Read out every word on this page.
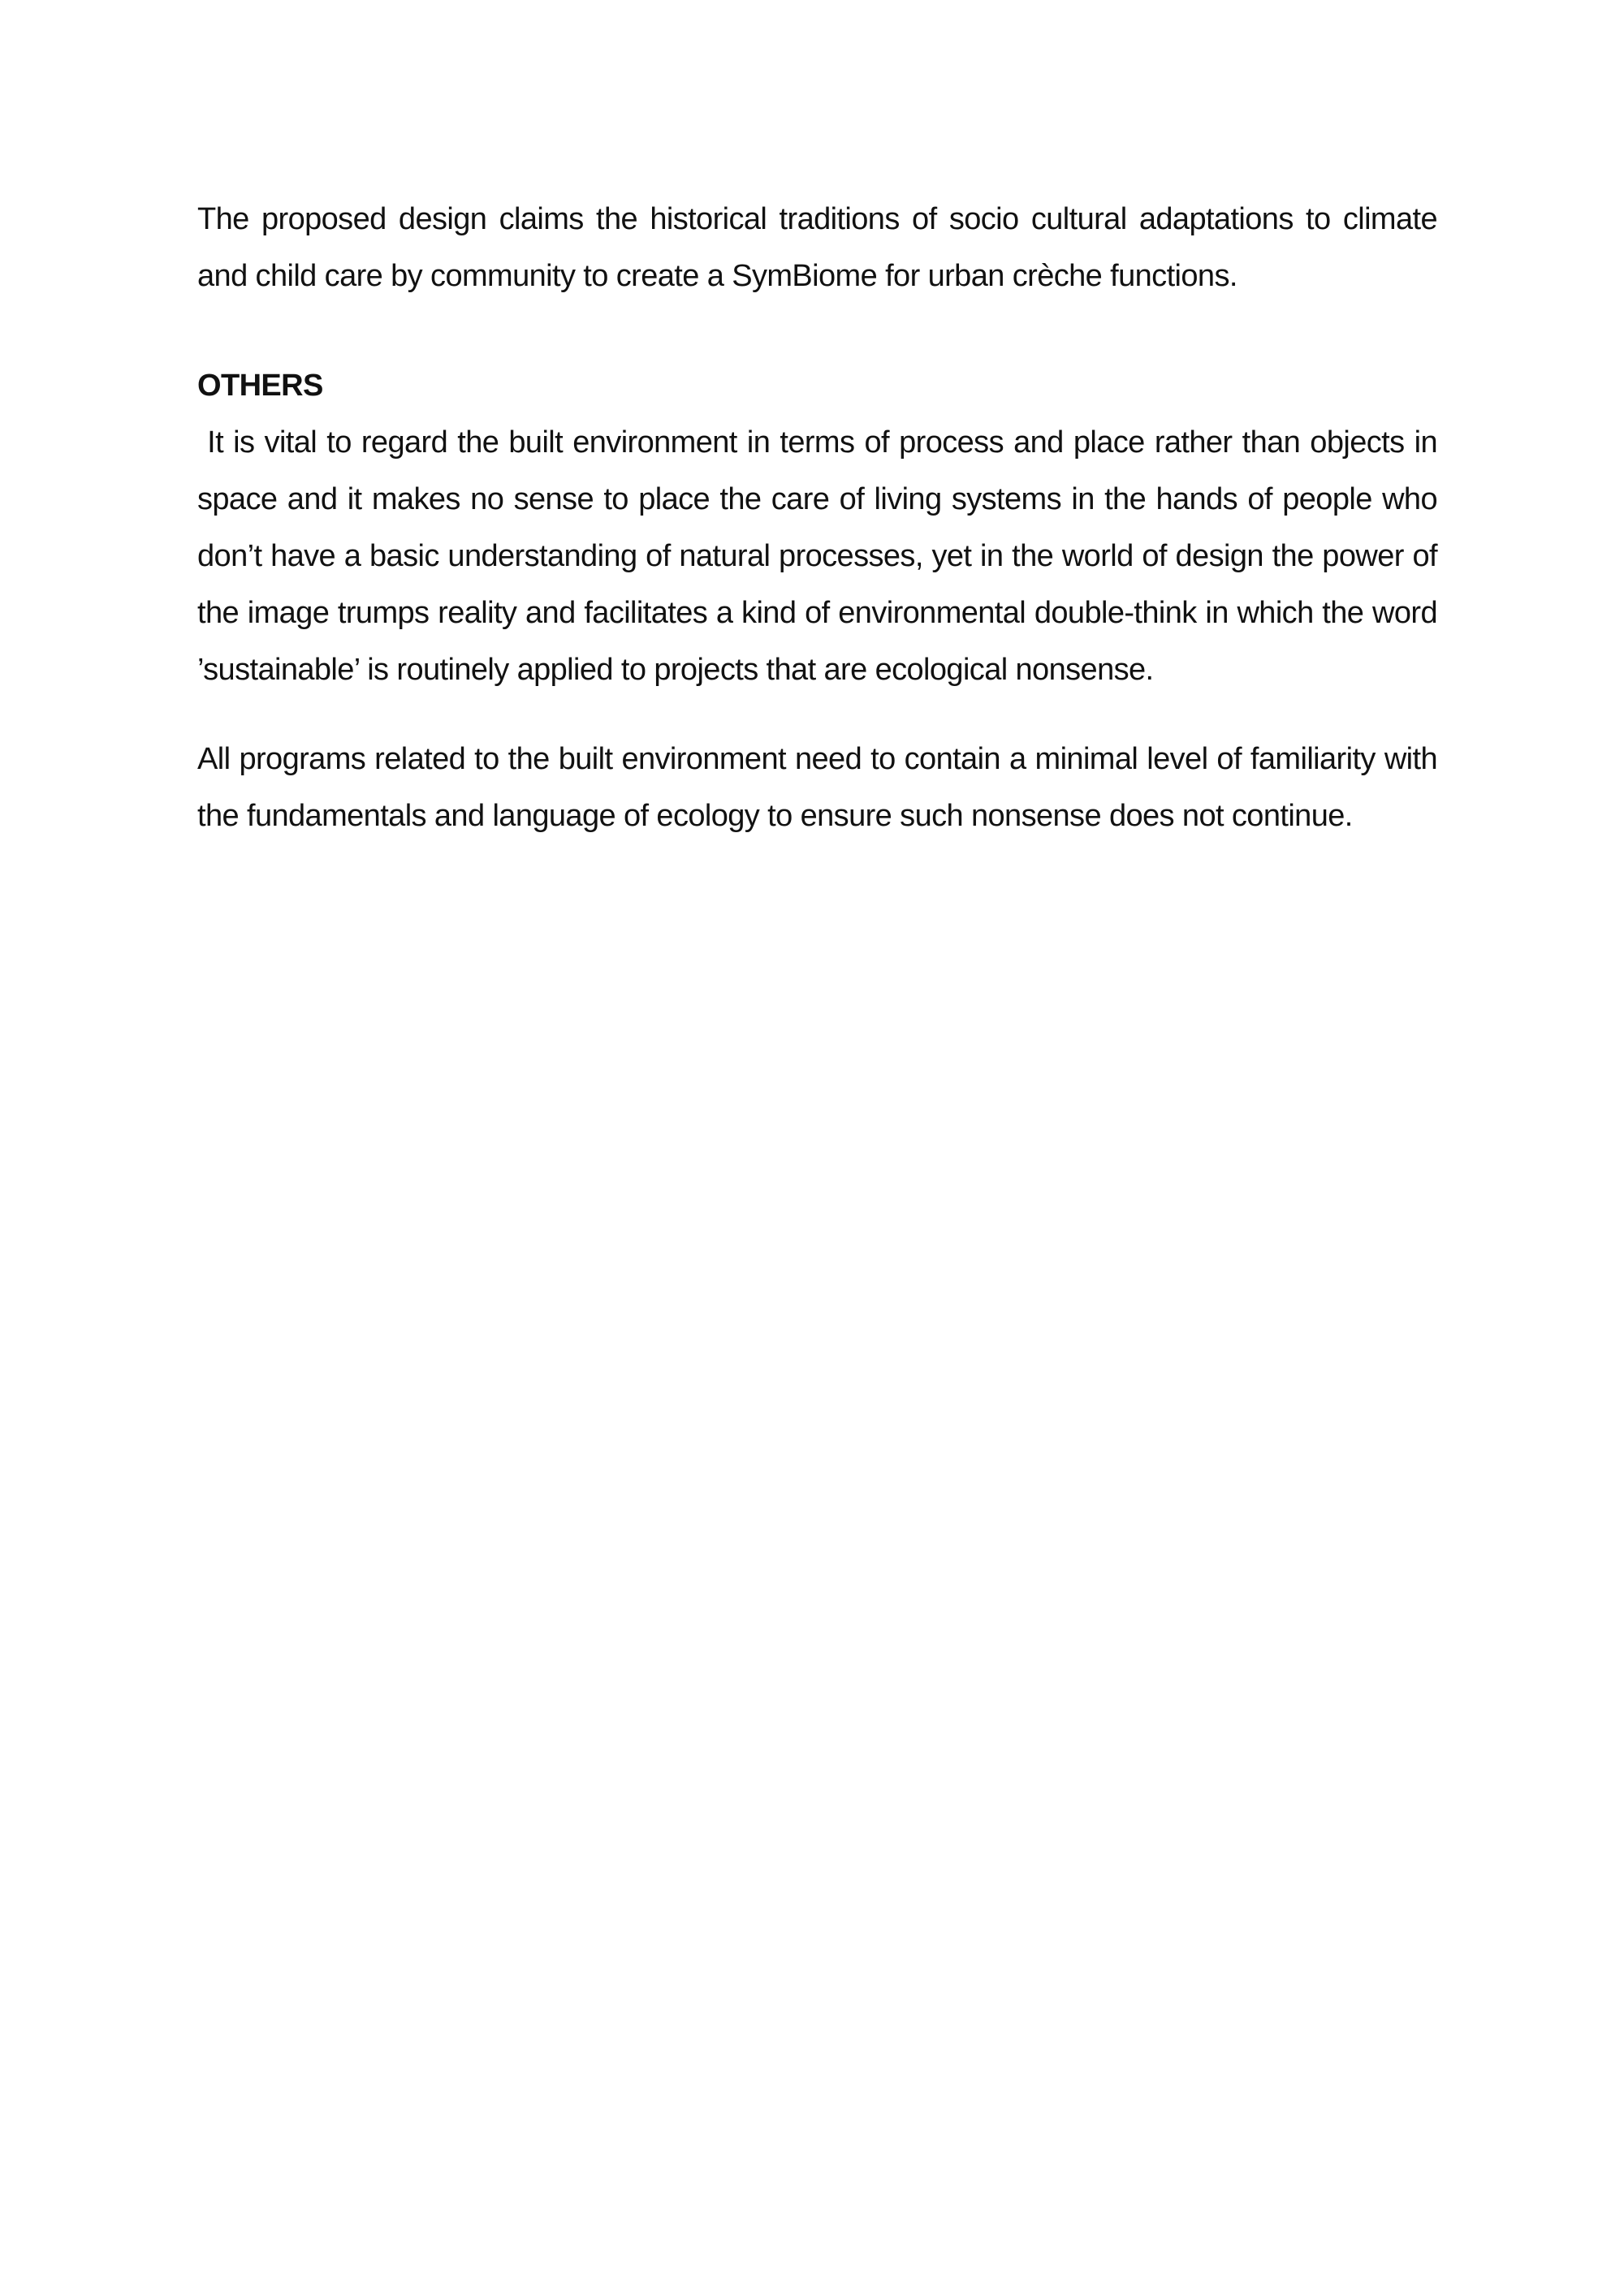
The proposed design claims the historical traditions of socio cultural adaptations to climate and child care by community to create a SymBiome for urban crèche functions.

OTHERS

It is vital to regard the built environment in terms of process and place rather than objects in space and it makes no sense to place the care of living systems in the hands of people who don’t have a basic understanding of natural processes, yet in the world of design the power of the image trumps reality and facilitates a kind of environmental double-think in which the word ’sustainable’ is routinely applied to projects that are ecological nonsense.

All programs related to the built environment need to contain a minimal level of familiarity with the fundamentals and language of ecology to ensure such nonsense does not continue.
